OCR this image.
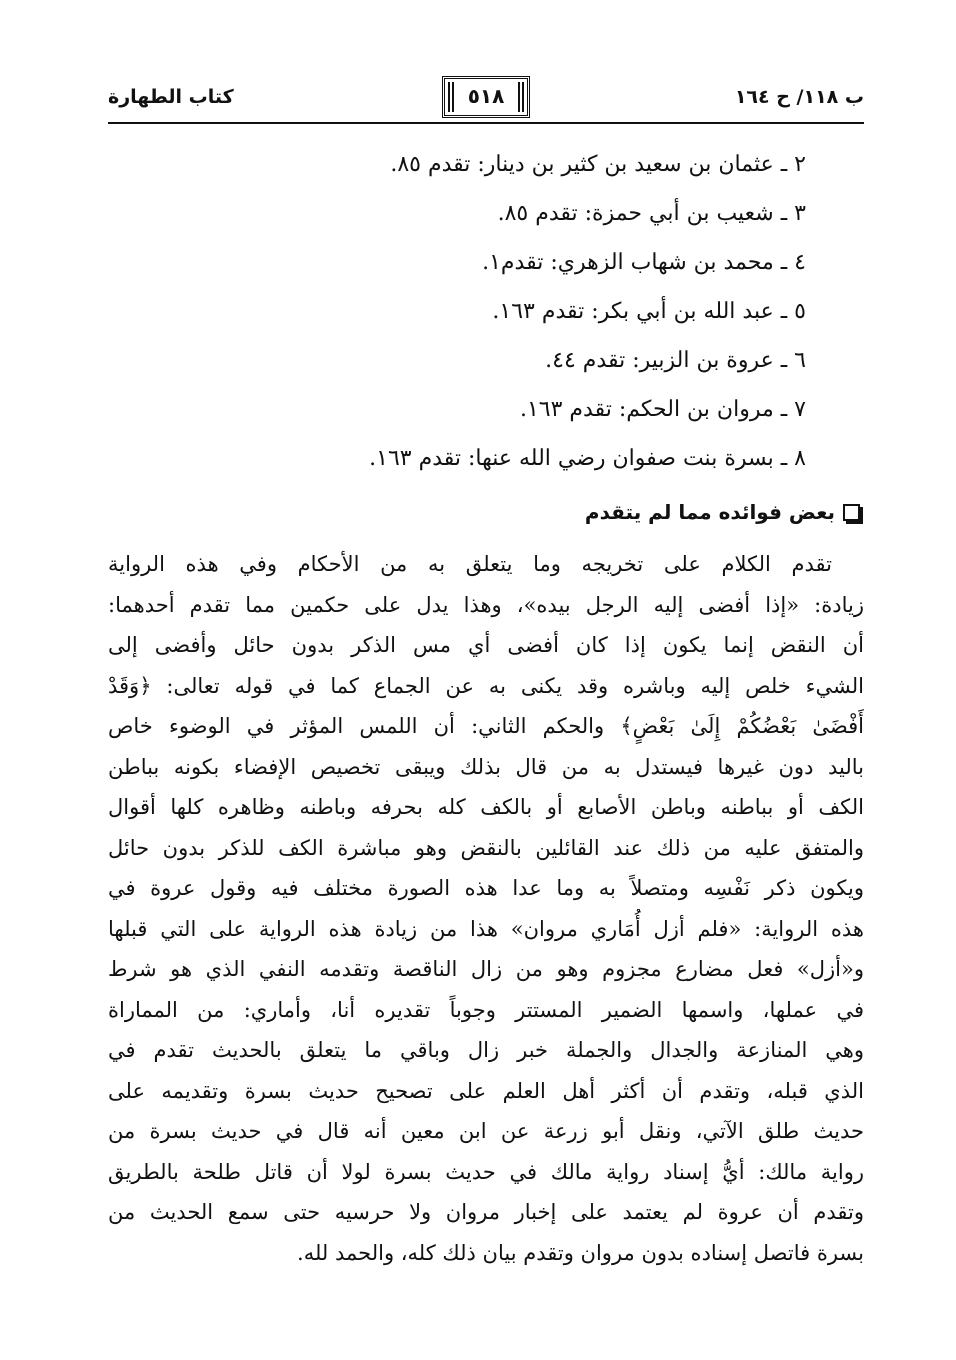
ب ١١٨/ ح ١٦٤
٥١٨
كتاب الطهارة
٢ ـ عثمان بن سعيد بن كثير بن دينار: تقدم ٨٥.
٣ ـ شعيب بن أبي حمزة: تقدم ٨٥.
٤ ـ محمد بن شهاب الزهري: تقدم١.
٥ ـ عبد الله بن أبي بكر: تقدم ١٦٣.
٦ ـ عروة بن الزبير: تقدم ٤٤.
٧ ـ مروان بن الحكم: تقدم ١٦٣.
٨ ـ بسرة بنت صفوان رضي الله عنها: تقدم ١٦٣.
بعض فوائده مما لم يتقدم
تقدم الكلام على تخريجه وما يتعلق به من الأحكام وفي هذه الرواية
زيادة: «إذا أفضى إليه الرجل بيده»، وهذا يدل على حكمين مما تقدم أحدهما:
أن النقض إنما يكون إذا كان أفضى أي مس الذكر بدون حائل وأفضى إلى
الشيء خلص إليه وباشره وقد يكنى به عن الجماع كما في قوله تعالى: ﴿وَقَدْ
أَفْضَىٰ بَعْضُكُمْ إِلَىٰ بَعْضٍ﴾ والحكم الثاني: أن اللمس المؤثر في الوضوء خاص
باليد دون غيرها فيستدل به من قال بذلك ويبقى تخصيص الإفضاء بكونه بباطن
الكف أو بباطنه وباطن الأصابع أو بالكف كله بحرفه وباطنه وظاهره كلها أقوال
والمتفق عليه من ذلك عند القائلين بالنقض وهو مباشرة الكف للذكر بدون حائل
ويكون ذكر نَفْسِه ومتصلاً به وما عدا هذه الصورة مختلف فيه وقول عروة في
هذه الرواية: «فلم أزل أُمَاري مروان» هذا من زيادة هذه الرواية على التي قبلها
و«أزل» فعل مضارع مجزوم وهو من زال الناقصة وتقدمه النفي الذي هو شرط
في عملها، واسمها الضمير المستتر وجوباً تقديره أنا، وأماري: من المماراة
وهي المنازعة والجدال والجملة خبر زال وباقي ما يتعلق بالحديث تقدم في
الذي قبله، وتقدم أن أكثر أهل العلم على تصحيح حديث بسرة وتقديمه على
حديث طلق الآتي، ونقل أبو زرعة عن ابن معين أنه قال في حديث بسرة من
رواية مالك: أيُّ إسناد رواية مالك في حديث بسرة لولا أن قاتل طلحة بالطريق
وتقدم أن عروة لم يعتمد على إخبار مروان ولا حرسيه حتى سمع الحديث من
بسرة فاتصل إسناده بدون مروان وتقدم بيان ذلك كله، والحمد لله.
